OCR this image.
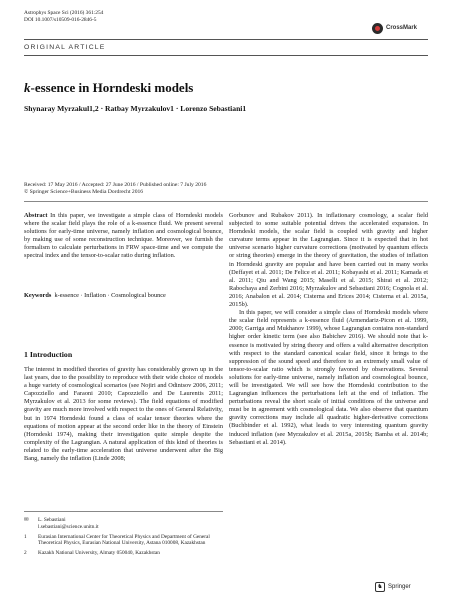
Astrophys Space Sci (2016) 361:254
DOI 10.1007/s10509-016-2846-5
CrossMark
ORIGINAL ARTICLE
k-essence in Horndeski models
Shynaray Myrzakul1,2 · Ratbay Myrzakulov1 · Lorenzo Sebastiani1
Received: 17 May 2016 / Accepted: 27 June 2016 / Published online: 7 July 2016
© Springer Science+Business Media Dordrecht 2016

Abstract In this paper, we investigate a simple class of Horndeski models where the scalar field plays the role of a k-essence fluid. We present several solutions for early-time universe, namely inflation and cosmological bounce, by making use of some reconstruction technique. Moreover, we furnish the formalism to calculate perturbations in FRW space-time and we compute the spectral index and the tensor-to-scalar ratio during inflation.

Keywords k-essence · Inflation · Cosmological bounce
1 Introduction

The interest in modified theories of gravity has considerably grown up in the last years, due to the possibility to reproduce with their wide choice of models a huge variety of cosmological scenarios (see Nojiri and Odintsov 2006, 2011; Capozziello and Faraoni 2010; Capozziello and De Laurentis 2011; Myrzakulov et al. 2013 for some reviews). The field equations of modified gravity are much more involved with respect to the ones of General Relativity, but in 1974 Horndeski found a class of scalar tensor theories where the equations of motion appear at the second order like in the theory of Einstein (Horndeski 1974), making their investigation quite simple despite the complexity of the Lagrangian. A natural application of this kind of theories is related to the early-time acceleration that universe underwent after the Big Bang, namely the inflation (Linde 2008;

✉	L. Sebastiani
l.sebastiani@science.unitn.it
1	Eurasian International Center for Theoretical Physics and Department of General Theoretical Physics, Eurasian National University, Astana 010008, Kazakhstan
2	Kazakh National University, Almaty 050040, Kazakhstan

Gorbunov and Rubakov 2011). In inflationary cosmology, a scalar field subjected to some suitable potential drives the accelerated expansion. In Horndeski models, the scalar field is coupled with gravity and higher curvature terms appear in the Lagrangian. Since it is expected that in hot universe scenario higher curvature corrections (motivated by quantum effects or string theories) emerge in the theory of gravitation, the studies of inflation in Horndeski gravity are popular and have been carried out in many works (Deffayet et al. 2011; De Felice et al. 2011; Kobayashi et al. 2011; Kamada et al. 2011; Qiu and Wang 2015; Maselli et al. 2015; Shirai et al. 2012; Rabochaya and Zerbini 2016; Myrzakulov and Sebastiani 2016; Cognola et al. 2016; Anabalon et al. 2014; Cisterna and Erices 2014; Cisterna et al. 2015a, 2015b).

In this paper, we will consider a simple class of Horndeski models where the scalar field represents a k-essence fluid (Armendariz-Picon et al. 1999, 2000; Garriga and Mukhanov 1999), whose Lagrangian contains non-standard higher order kinetic term (see also Babichev 2016). We should note that k-essence is motivated by string theory and offers a valid alternative description with respect to the standard canonical scalar field, since it brings to the suppression of the sound speed and therefore to an extremely small value of tensor-to-scalar ratio which is strongly favored by observations. Several solutions for early-time universe, namely inflation and cosmological bounce, will be investigated. We will see how the Horndeski contribution to the Lagrangian influences the perturbations left at the end of inflation. The perturbations reveal the short scale of initial conditions of the universe and must be in agreement with cosmological data. We also observe that quantum gravity corrections may include all quadratic higher-derivative corrections (Buchbinder et al. 1992), what leads to very interesting quantum gravity induced inflation (see Myrzakulov et al. 2015a, 2015b; Bamba et al. 2014b; Sebastiani et al. 2014).

♞ Springer
